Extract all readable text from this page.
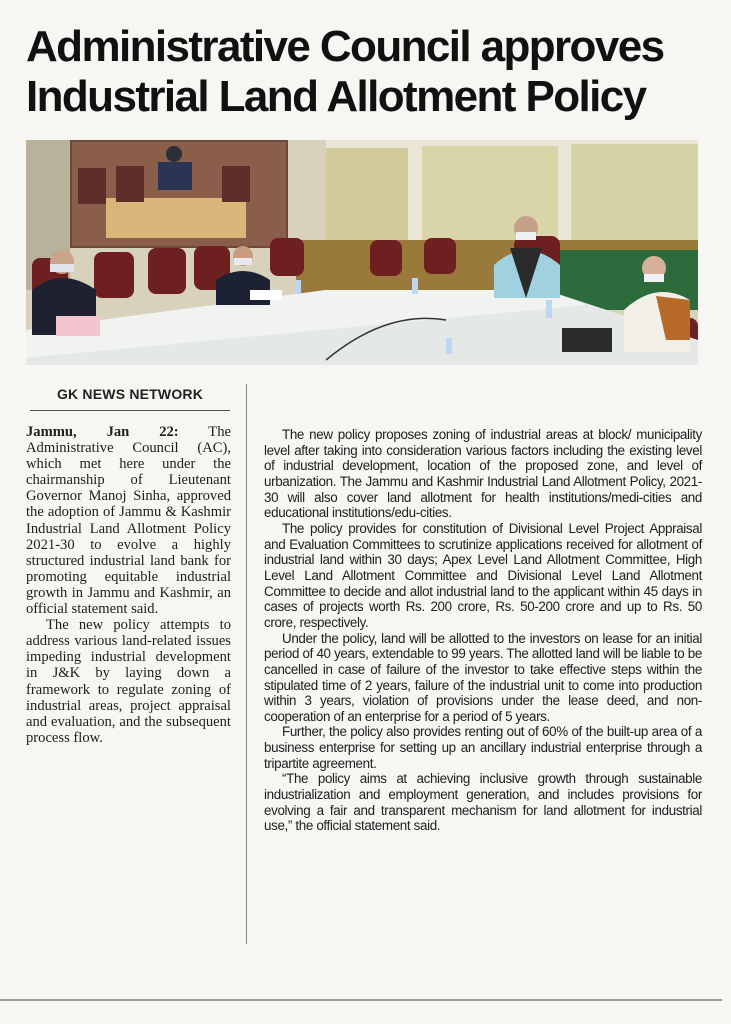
Administrative Council approves Industrial Land Allotment Policy
GK NEWS NETWORK

Jammu, Jan 22: The Administrative Council (AC), which met here under the chairmanship of Lieutenant Governor Manoj Sinha, approved the adoption of Jammu & Kashmir Industrial Land Allotment Policy 2021-30 to evolve a highly structured industrial land bank for promoting equitable industrial growth in Jammu and Kashmir, an official statement said.

The new policy attempts to address various land-related issues impeding industrial development in J&K by laying down a framework to regulate zoning of industrial areas, project appraisal and evaluation, and the subsequent process flow.

The new policy proposes zoning of industrial areas at block/ municipality level after taking into consideration various factors including the existing level of industrial development, location of the proposed zone, and level of urbanization. The Jammu and Kashmir Industrial Land Allotment Policy, 2021-30 will also cover land allotment for health institutions/medi-cities and educational institutions/edu-cities.

The policy provides for constitution of Divisional Level Project Appraisal and Evaluation Committees to scrutinize applications received for allotment of industrial land within 30 days; Apex Level Land Allotment Committee, High Level Land Allotment Committee and Divisional Level Land Allotment Committee to decide and allot industrial land to the applicant within 45 days in cases of projects worth Rs. 200 crore, Rs. 50-200 crore and up to Rs. 50 crore, respectively.

Under the policy, land will be allotted to the investors on lease for an initial period of 40 years, extendable to 99 years. The allotted land will be liable to be cancelled in case of failure of the investor to take effective steps within the stipulated time of 2 years, failure of the industrial unit to come into production within 3 years, violation of provisions under the lease deed, and non-cooperation of an enterprise for a period of 5 years.

Further, the policy also provides renting out of 60% of the built-up area of a business enterprise for setting up an ancillary industrial enterprise through a tripartite agreement.

“The policy aims at achieving inclusive growth through sustainable industrialization and employment generation, and includes provisions for evolving a fair and transparent mechanism for land allotment for industrial use,” the official statement said.
